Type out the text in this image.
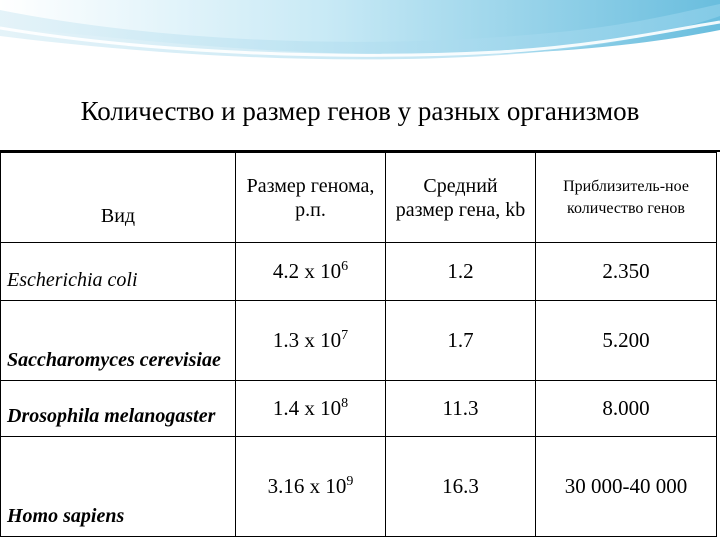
Количество и размер генов у разных организмов
Вид	Размер генома, р.п.	Средний размер гена, kb	Приблизитель-ное количество генов
Escherichia coli	4.2 x $10^6$	1.2	2.350
Saccharomyces cerevisiae	1.3 x $10^7$	1.7	5.200
Drosophila melanogaster	1.4 x $10^8$	11.3	8.000
Homo sapiens	3.16 x $10^9$	16.3	30 000-40 000
